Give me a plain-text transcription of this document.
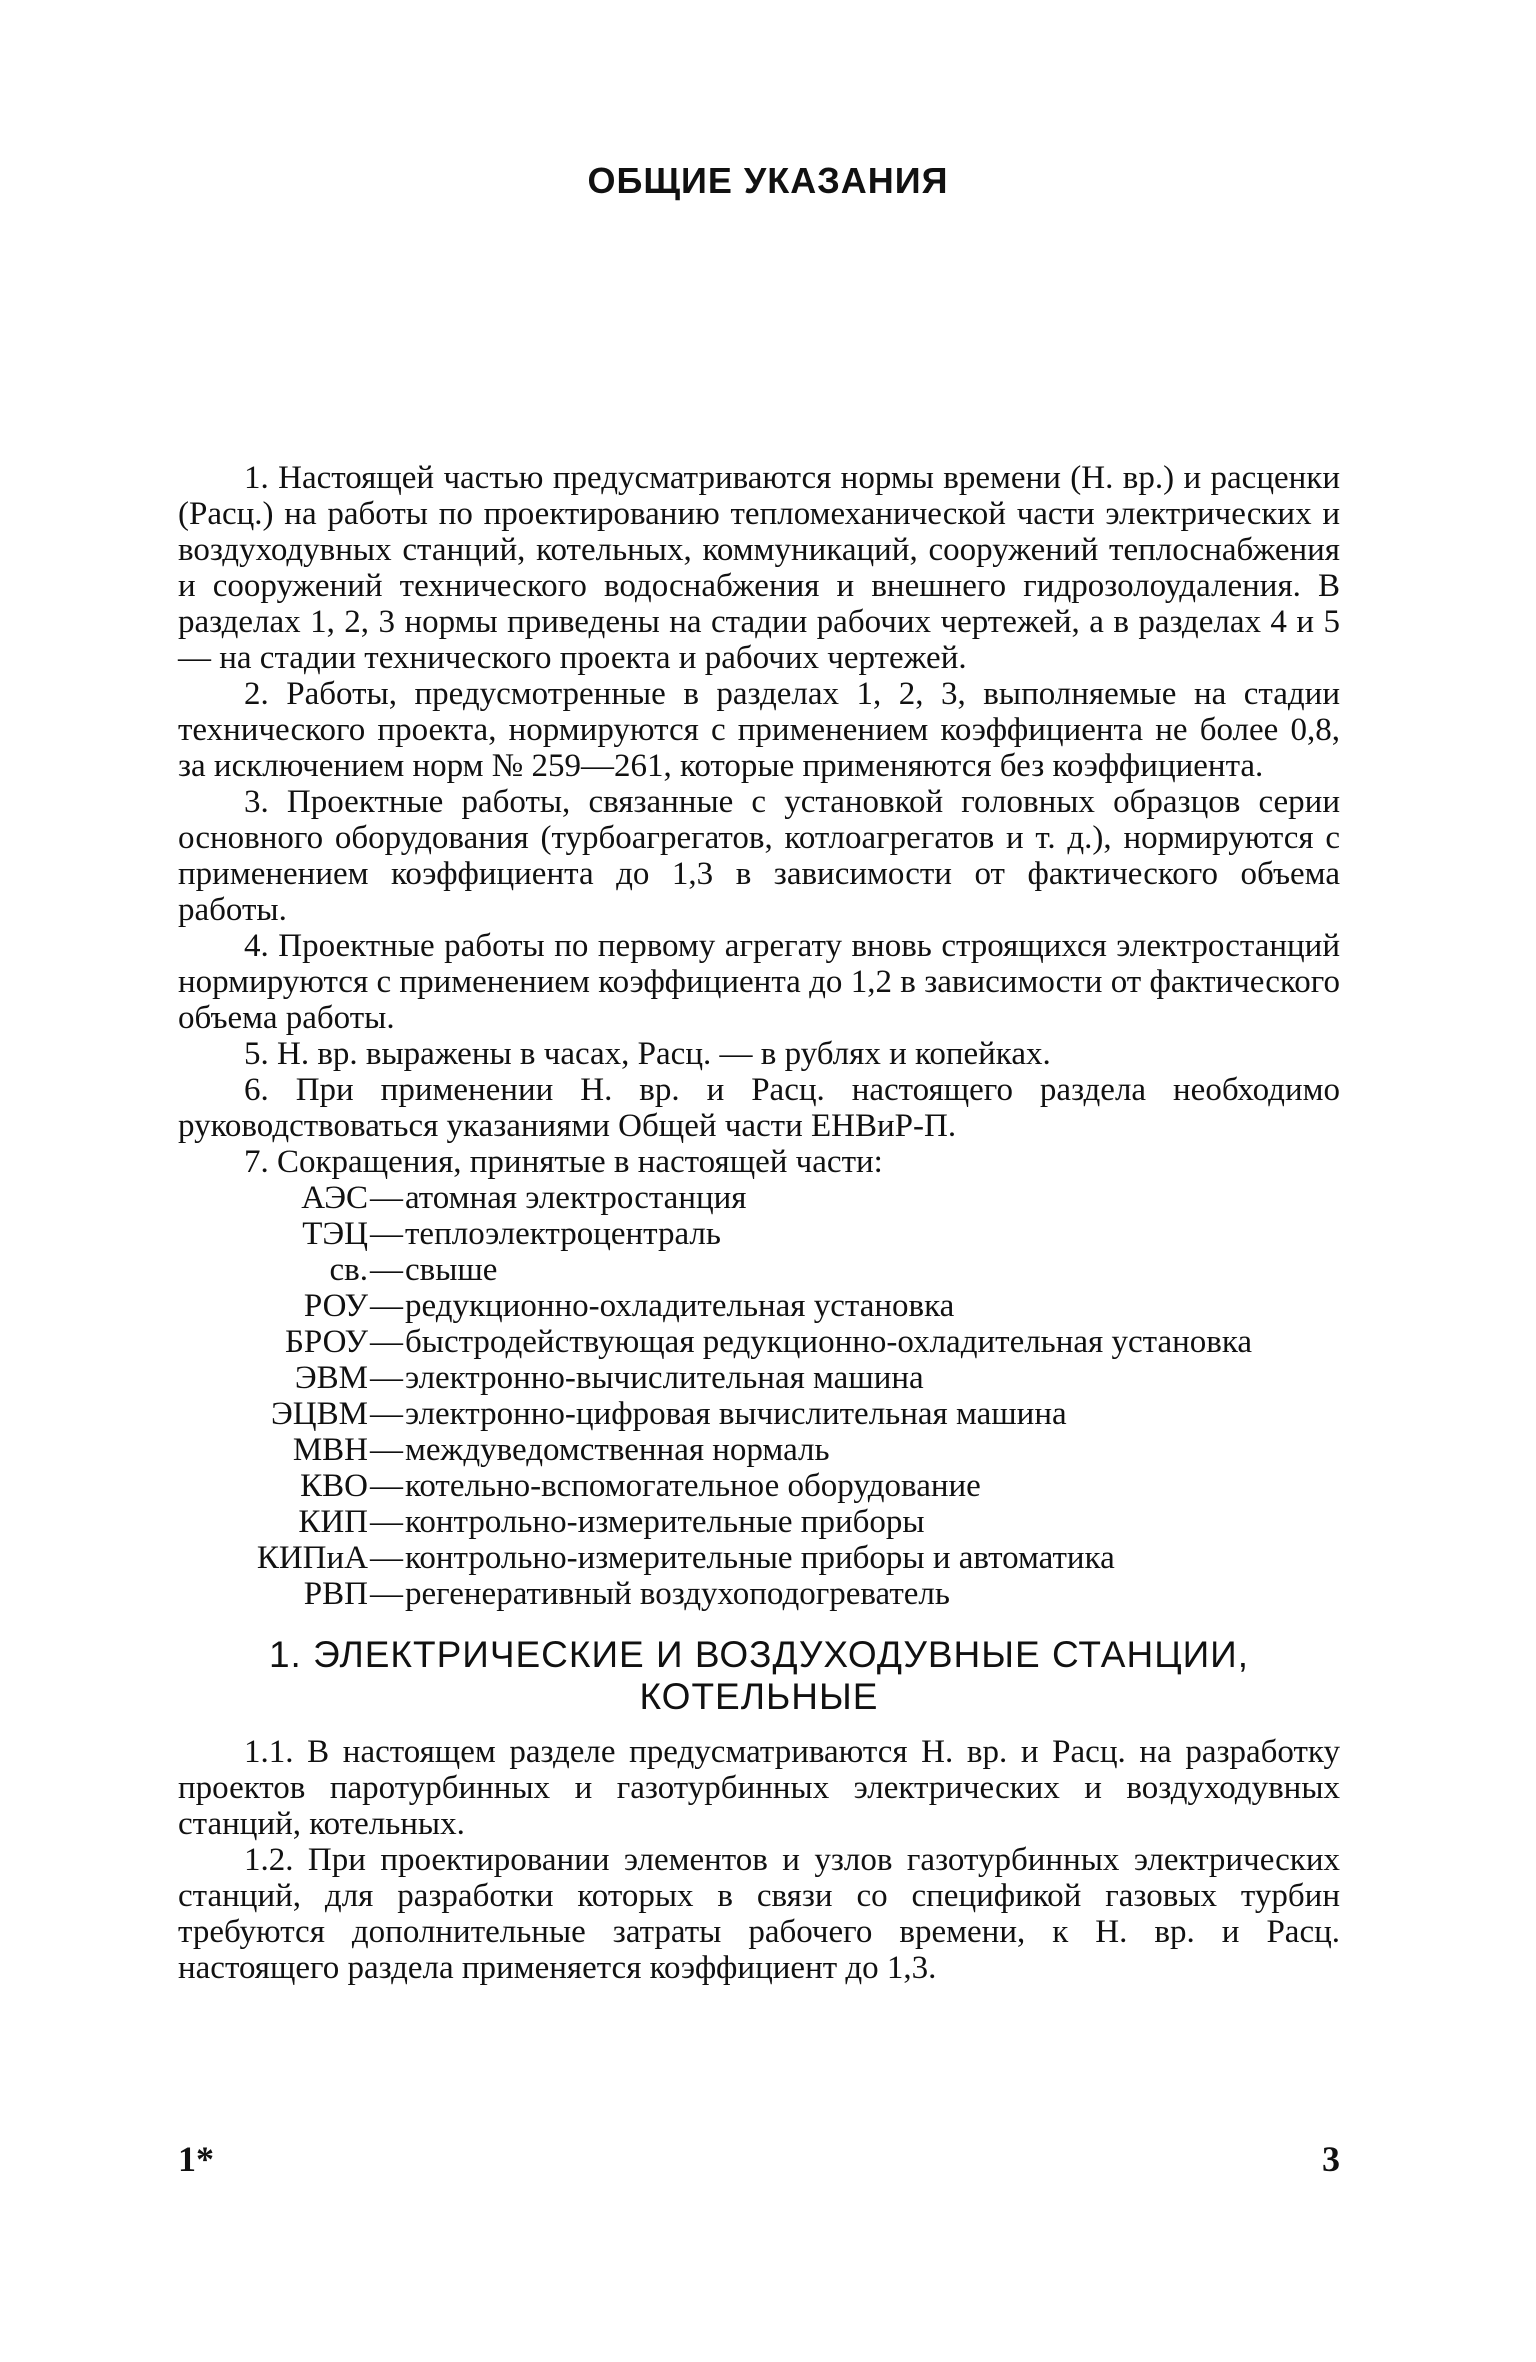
ОБЩИЕ УКАЗАНИЯ

1. Настоящей частью предусматриваются нормы времени (Н. вр.) и расценки (Расц.) на работы по проектированию тепломеханической части электрических и воздуходувных станций, котельных, коммуникаций, сооружений теплоснабжения и сооружений технического водоснабжения и внешнего гидрозолоудаления. В разделах 1, 2, 3 нормы приведены на стадии рабочих чертежей, а в разделах 4 и 5 — на стадии технического проекта и рабочих чертежей.

2. Работы, предусмотренные в разделах 1, 2, 3, выполняемые на стадии технического проекта, нормируются с применением коэффициента не более 0,8, за исключением норм № 259—261, которые применяются без коэффициента.

3. Проектные работы, связанные с установкой головных образцов серии основного оборудования (турбоагрегатов, котлоагрегатов и т. д.), нормируются с применением коэффициента до 1,3 в зависимости от фактического объема работы.

4. Проектные работы по первому агрегату вновь строящихся электростанций нормируются с применением коэффициента до 1,2 в зависимости от фактического объема работы.

5. Н. вр. выражены в часах, Расц. — в рублях и копейках.

6. При применении Н. вр. и Расц. настоящего раздела необходимо руководствоваться указаниями Общей части ЕНВиР-П.

7. Сокращения, принятые в настоящей части:

АЭС — атомная электростанция
ТЭЦ — теплоэлектроцентраль
св. — свыше
РОУ — редукционно-охладительная установка
БРОУ — быстродействующая редукционно-охладительная установка
ЭВМ — электронно-вычислительная машина
ЭЦВМ — электронно-цифровая вычислительная машина
МВН — междуведомственная нормаль
КВО — котельно-вспомогательное оборудование
КИП — контрольно-измерительные приборы
КИПиА — контрольно-измерительные приборы и автоматика
РВП — регенеративный воздухоподогреватель
1. ЭЛЕКТРИЧЕСКИЕ И ВОЗДУХОДУВНЫЕ СТАНЦИИ, КОТЕЛЬНЫЕ

1.1. В настоящем разделе предусматриваются Н. вр. и Расц. на разработку проектов паротурбинных и газотурбинных электрических и воздуходувных станций, котельных.

1.2. При проектировании элементов и узлов газотурбинных электрических станций, для разработки которых в связи со спецификой газовых турбин требуются дополнительные затраты рабочего времени, к Н. вр. и Расц. настоящего раздела применяется коэффициент до 1,3.

1*	3
